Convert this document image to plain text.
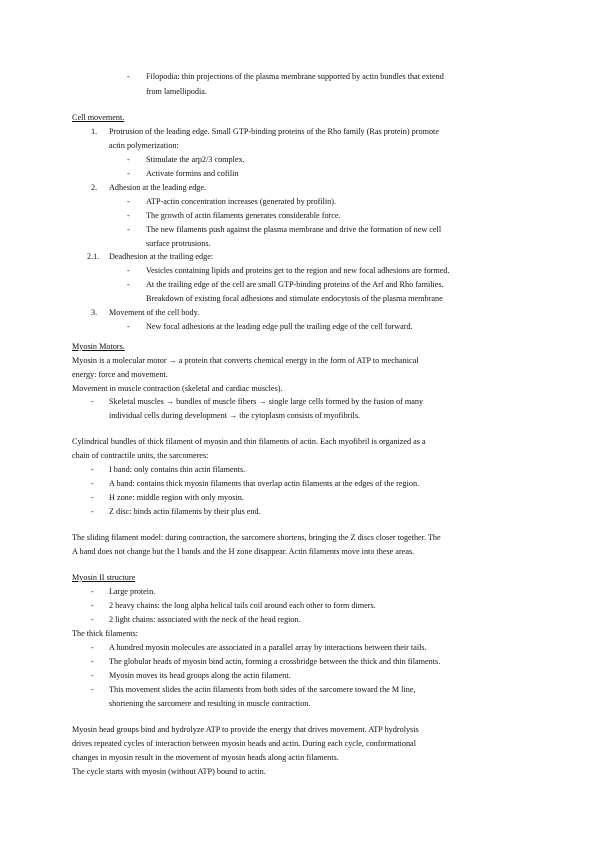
- Filopodia: thin projections of the plasma membrane supported by actin bundles that extend
from lamellipodia.
Cell movement.
1. Protrusion of the leading edge. Small GTP-binding proteins of the Rho family (Ras protein) promote
actin polymerization:
- Stimulate the arp2/3 complex.
- Activate formins and cofilin
2. Adhesion at the leading edge.
- ATP-actin concentration increases (generated by profilin).
- The growth of actin filaments generates considerable force.
- The new filaments push against the plasma membrane and drive the formation of new cell
surface protrusions.
2.1. Deadhesion at the trailing edge:
- Vesicles containing lipids and proteins get to the region and new focal adhesions are formed.
- At the trailing edge of the cell are small GTP-binding proteins of the Arf and Rho families.
Breakdown of existing focal adhesions and stimulate endocytosis of the plasma membrane
3. Movement of the cell body.
- New focal adhesions at the leading edge pull the trailing edge of the cell forward.
Myosin Motors.
Myosin is a molecular motor → a protein that converts chemical energy in the form of ATP to mechanical
energy: force and movement.
Movement in muscle contraction (skeletal and cardiac muscles).
- Skeletal muscles → bundles of muscle fibers → single large cells formed by the fusion of many
individual cells during development → the cytoplasm consists of myofibrils.
Cylindrical bundles of thick filament of myosin and thin filaments of actin. Each myofibril is organized as a
chain of contractile units, the sarcomeres:
- I band: only contains thin actin filaments.
- A band: contains thick myosin filaments that overlap actin filaments at the edges of the region.
- H zone: middle region with only myosin.
- Z disc: binds actin filaments by their plus end.
The sliding filament model: during contraction, the sarcomere shortens, bringing the Z discs closer together. The
A band does not change but the I bands and the H zone disappear. Actin filaments move into these areas.
Myosin II structure
- Large protein.
- 2 heavy chains: the long alpha helical tails coil around each other to form dimers.
- 2 light chains: associated with the neck of the head region.
The thick filaments:
- A hundred myosin molecules are associated in a parallel array by interactions between their tails.
- The globular heads of myosin bind actin, forming a crossbridge between the thick and thin filaments.
- Myosin moves its head groups along the actin filament.
- This movement slides the actin filaments from both sides of the sarcomere toward the M line,
shortening the sarcomere and resulting in muscle contraction.
Myosin head groups bind and hydrolyze ATP to provide the energy that drives movement. ATP hydrolysis
drives repeated cycles of interaction between myosin heads and actin. During each cycle, conformational
changes in myosin result in the movement of myosin heads along actin filaments.
The cycle starts with myosin (without ATP) bound to actin.
